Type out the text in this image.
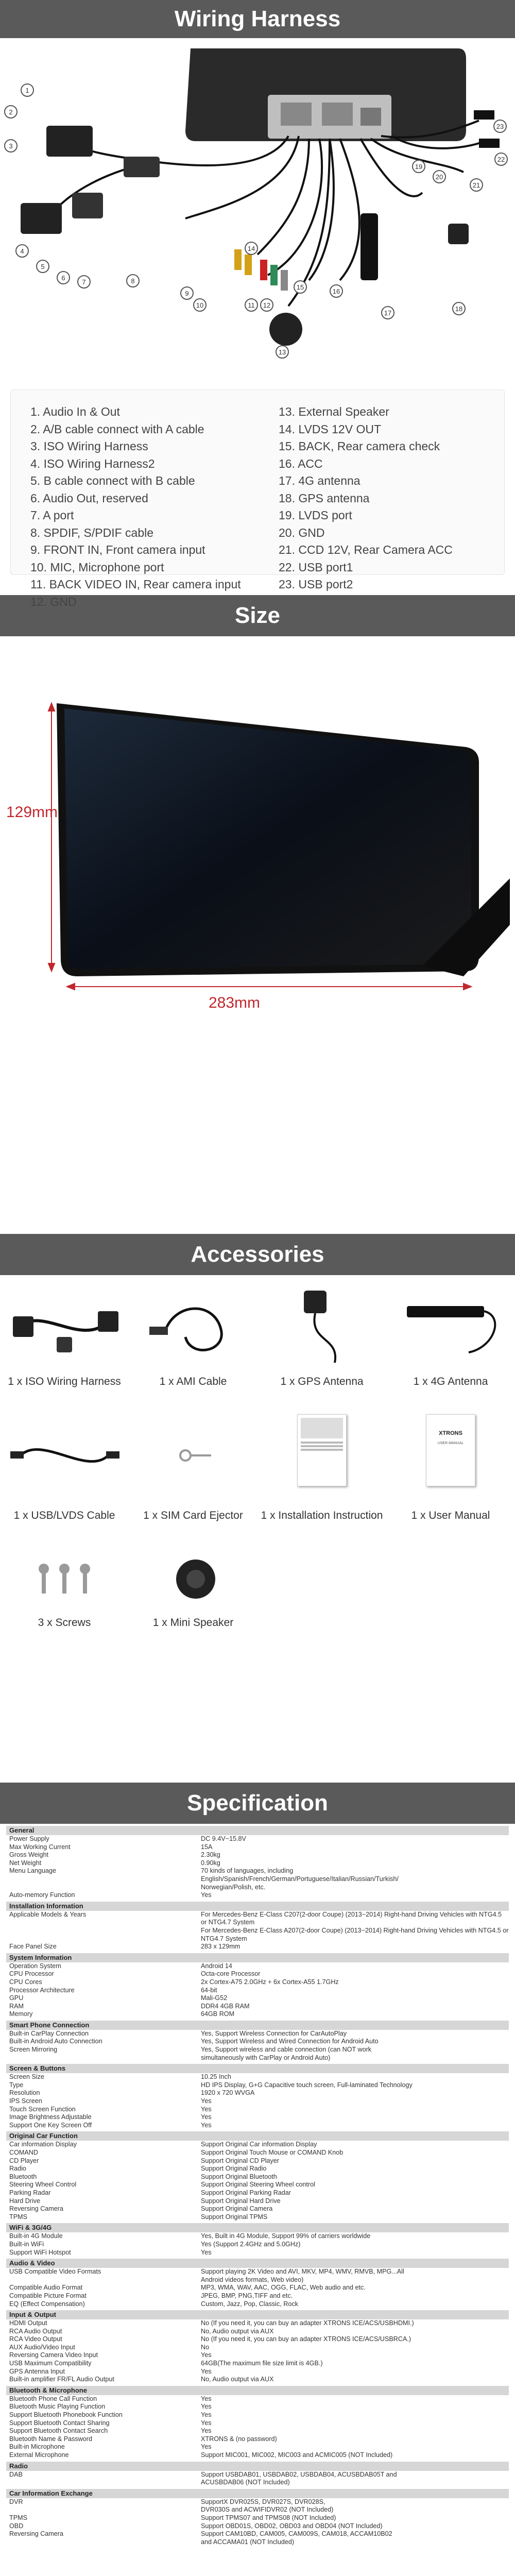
Wiring Harness
Size
Accessories
Specification
1
2
3
4
5
6
7	8
9
10	11	12
13
14
15
16
17
18
19
20
21
22
23
1. Audio In & Out
2. A/B cable connect with A cable
3. ISO Wiring Harness
4. ISO Wiring Harness2
5. B cable connect with B cable
6. Audio Out, reserved
7. A port
8. SPDIF, S/PDIF cable
9. FRONT IN, Front camera input
10. MIC, Microphone port
11. BACK VIDEO IN, Rear camera input
12. GND
13. External Speaker
14. LVDS 12V OUT
15. BACK, Rear camera check
16. ACC
17. 4G antenna
18. GPS antenna
19. LVDS port
20. GND
21. CCD 12V, Rear Camera ACC
22. USB port1
23. USB port2
129mm
283mm
1 x ISO Wiring Harness	1 x AMI Cable	1 x GPS Antenna	1 x 4G Antenna
XTRONS
USER MANUAL
1 x USB/LVDS Cable	1 x SIM Card Ejector	1 x Installation Instruction	1 x User Manual
3 x Screws	1 x Mini Speaker
General
Power Supply	DC 9.4V~15.8V
Max Working Current	15A
Gross Weight	2.30kg
Net Weight	0.90kg
Menu Language	70 kinds of languages, including
English/Spanish/French/German/Portuguese/Italian/Russian/Turkish/
Norwegian/Polish, etc.
Auto-memory Function	Yes
Installation Information
Applicable Models & Years	For Mercedes-Benz E-Class C207(2-door Coupe) (2013~2014) Right-hand Driving Vehicles with NTG4.5 or NTG4.7 System
For Mercedes-Benz E-Class A207(2-door Coupe) (2013~2014) Right-hand Driving Vehicles with NTG4.5 or NTG4.7 System
Face Panel Size	283 x 129mm
System Information
Operation System	Android 14
CPU Processor	Octa-core Processor
CPU Cores	2x Cortex-A75 2.0GHz + 6x Cortex-A55 1.7GHz
Processor Architecture	64-bit
GPU	Mali-G52
RAM	DDR4 4GB RAM
Memory	64GB ROM
Smart Phone Connection
Built-in CarPlay Connection	Yes, Support Wireless Connection for CarAutoPlay
Built-in Android Auto Connection	Yes, Support Wireless and Wired Connection for Android Auto
Screen Mirroring	Yes, Support wireless and cable connection (can NOT work
simultaneously with CarPlay or Android Auto)
Screen & Buttons
Screen Size	10.25 Inch
Type	HD IPS Display, G+G Capacitive touch screen, Full-laminated Technology
Resolution	1920 x 720 WVGA
IPS Screen	Yes
Touch Screen Function	Yes
Image Brightness Adjustable	Yes
Support One Key Screen Off	Yes
Original Car Function
Car information Display	Support Original Car information Display
COMAND	Support Original Touch Mouse or COMAND Knob
CD Player	Support Original CD Player
Radio	Support Original Radio
Bluetooth	Support Original Bluetooth
Steering Wheel Control	Support Original Steering Wheel control
Parking Radar	Support Original Parking Radar
Hard Drive	Support Original Hard Drive
Reversing Camera	Support Original Camera
TPMS	Support Original TPMS
WiFi & 3G/4G
Built-in 4G Module	Yes, Built in 4G Module, Support 99% of carriers worldwide
Built-in WiFi	Yes (Support 2.4GHz and 5.0GHz)
Support WiFi Hotspot	Yes
Audio & Video
USB Compatible Video Formats	Support playing 2K Video and AVI, MKV, MP4, WMV, RMVB, MPG...All
Android videos formats, Web video)
Compatible Audio Format	MP3, WMA, WAV, AAC, OGG, FLAC, Web audio and etc.
Compatible Picture Format	JPEG, BMP, PNG,TIFF and etc.
EQ (Effect Compensation)	Custom, Jazz, Pop, Classic, Rock
Input & Output
HDMI Output	No (If you need it, you can buy an adapter XTRONS ICE/ACS/USBHDMI.)
RCA Audio Output	No, Audio output via AUX
RCA Video Output	No (If you need it, you can buy an adapter XTRONS ICE/ACS/USBRCA.)
AUX Audio/Video Input	No
Reversing Camera Video Input	Yes
USB Maximum Compatibility	64GB(The maximum file size limit is 4GB.)
GPS Antenna Input	Yes
Built-in amplifier FR/FL Audio Output	No, Audio output via AUX
Bluetooth & Microphone
Bluetooth Phone Call Function	Yes
Bluetooth Music Playing Function	Yes
Support Bluetooth Phonebook Function	Yes
Support Bluetooth Contact Sharing	Yes
Support Bluetooth Contact Search	Yes
Bluetooth Name & Password	XTRONS & (no password)
Built-in Microphone	Yes
External Microphone	Support MIC001, MIC002, MIC003 and ACMIC005 (NOT Included)
Radio
DAB	Support USBDAB01, USBDAB02, USBDAB04, ACUSBDAB05T and
ACUSBDAB06 (NOT Included)
Car Information Exchange
DVR	SupportX DVR025S, DVR027S, DVR028S,
DVR030S and ACWIFIDVR02 (NOT Included)
TPMS	Support TPMS07 and TPMS08 (NOT Included)
OBD	Support OBD01S, OBD02, OBD03 and OBD04 (NOT Included)
Reversing Camera	Support CAM10BD, CAM005, CAM009S, CAM018, ACCAM10B02
and ACCAMA01 (NOT Included)
